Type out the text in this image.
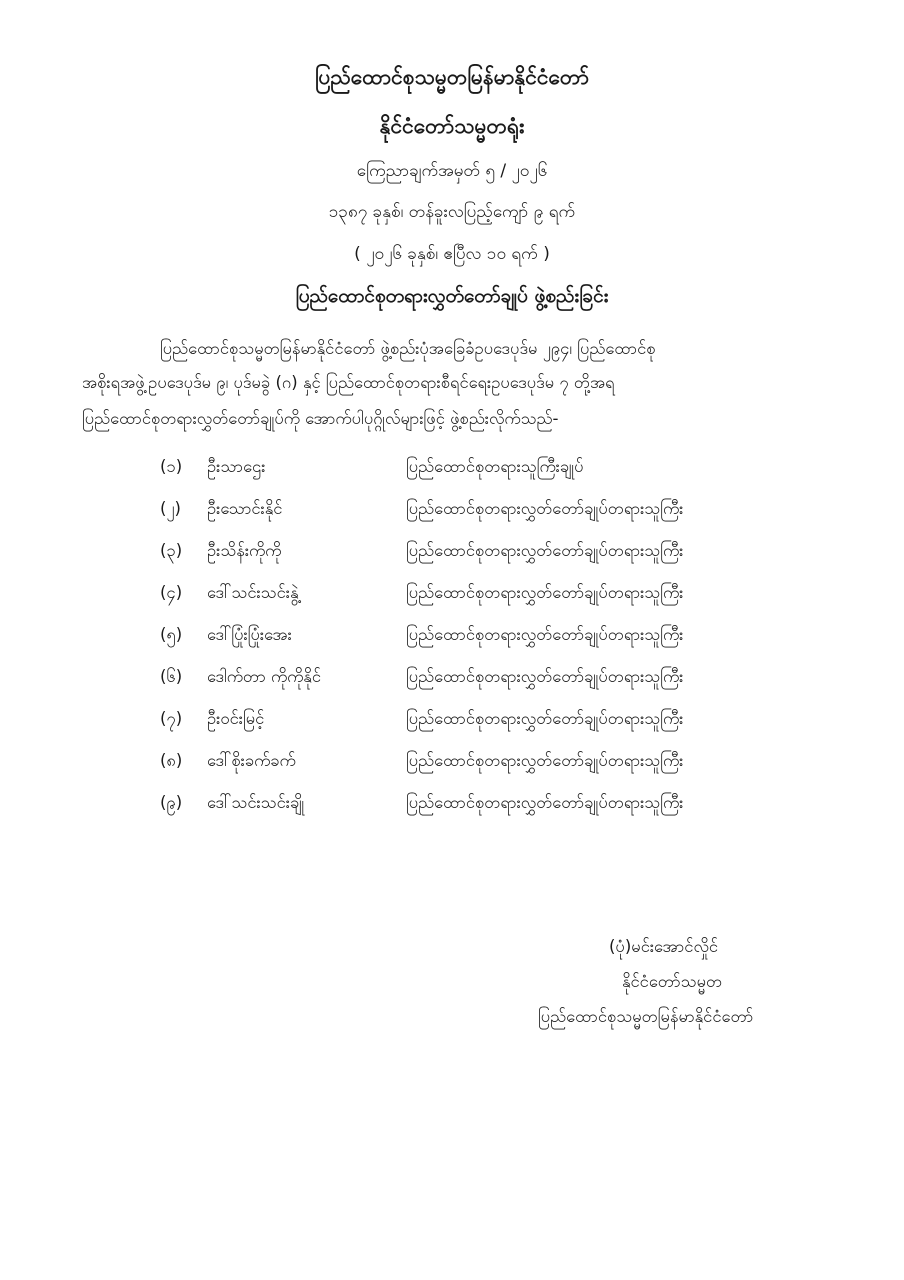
ပြည်ထောင်စုသမ္မတမြန်မာနိုင်ငံတော်
နိုင်ငံတော်သမ္မတရုံး
ကြေညာချက်အမှတ် ၅ / ၂၀၂၆
၁၃၈၇ ခုနှစ်၊ တန်ခူးလပြည့်ကျော် ၉ ရက်
( ၂၀၂၆ ခုနှစ်၊ ဧပြီလ ၁၀ ရက် )
ပြည်ထောင်စုတရားလွှတ်တော်ချုပ် ဖွဲ့စည်းခြင်း
ပြည်ထောင်စုသမ္မတမြန်မာနိုင်ငံတော် ဖွဲ့စည်းပုံအခြေခံဥပဒေပုဒ်မ ၂၉၄၊ ပြည်ထောင်စု
အစိုးရအဖွဲ့ဥပဒေပုဒ်မ ၉၊ ပုဒ်မခွဲ (ဂ) နှင့် ပြည်ထောင်စုတရားစီရင်ရေးဥပဒေပုဒ်မ ၇ တို့အရ
ပြည်ထောင်စုတရားလွှတ်တော်ချုပ်ကို အောက်ပါပုဂ္ဂိုလ်များဖြင့် ဖွဲ့စည်းလိုက်သည်-
(၁) ဦးသာဌေး	ပြည်ထောင်စုတရားသူကြီးချုပ်
(၂) ဦးသောင်းနိုင်	ပြည်ထောင်စုတရားလွှတ်တော်ချုပ်တရားသူကြီး
(၃) ဦးသိန်းကိုကို	ပြည်ထောင်စုတရားလွှတ်တော်ချုပ်တရားသူကြီး
(၄) ဒေါ်သင်းသင်းနွဲ့	ပြည်ထောင်စုတရားလွှတ်တော်ချုပ်တရားသူကြီး
(၅) ဒေါ်ပြုံးပြုံးအေး	ပြည်ထောင်စုတရားလွှတ်တော်ချုပ်တရားသူကြီး
(၆) ဒေါက်တာ ကိုကိုနိုင်	ပြည်ထောင်စုတရားလွှတ်တော်ချုပ်တရားသူကြီး
(၇) ဦးဝင်းမြင့်	ပြည်ထောင်စုတရားလွှတ်တော်ချုပ်တရားသူကြီး
(၈) ဒေါ်စိုးခက်ခက်	ပြည်ထောင်စုတရားလွှတ်တော်ချုပ်တရားသူကြီး
(၉) ဒေါ်သင်းသင်းချို	ပြည်ထောင်စုတရားလွှတ်တော်ချုပ်တရားသူကြီး
(ပုံ)မင်းအောင်လှိုင်
နိုင်ငံတော်သမ္မတ
ပြည်ထောင်စုသမ္မတမြန်မာနိုင်ငံတော်
